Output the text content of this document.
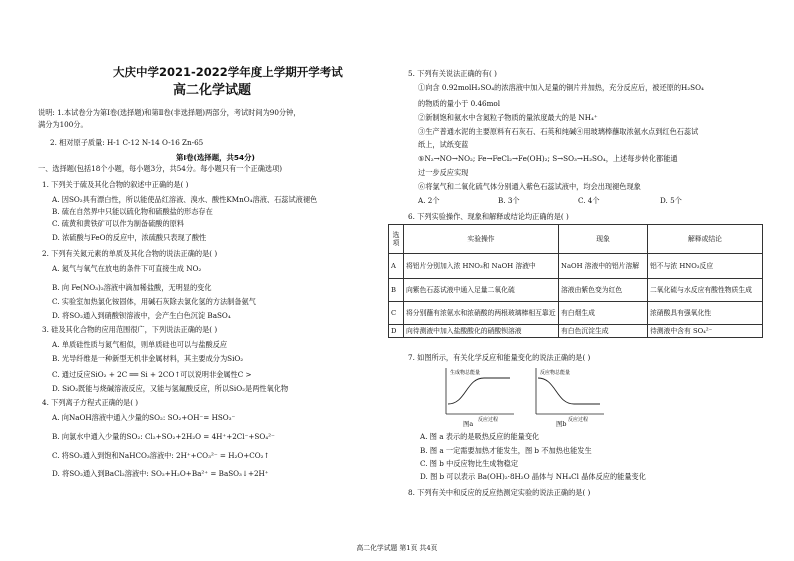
大庆中学2021-2022学年度上学期开学考试
高二化学试题
说明: 1.本试卷分为第Ⅰ卷(选择题)和第Ⅱ卷(非选择题)两部分，考试时间为90分钟，
满分为100分。
2. 相对原子质量: H-1 C-12 N-14 O-16 Zn-65
第Ⅰ卷(选择题，共54分)
一、选择题(包括18个小题，每小题3分，共54分。每小题只有一个正确选项)
1. 下列关于硫及其化合物的叙述中正确的是( )
A. 因SO₂具有漂白性，所以能使品红溶液、溴水、酸性KMnO₄溶液、石蕊试液褪色
B. 硫在自然界中只能以硫化物和硫酸盐的形态存在
C. 硫黄和黄铁矿可以作为制备硫酸的原料
D. 浓硫酸与FeO的反应中，浓硫酸只表现了酸性
2. 下列有关氮元素的单质及其化合物的说法正确的是( )
A. 氮气与氧气在放电的条件下可直接生成 NO₂
B. 向 Fe(NO₃)₂溶液中滴加稀盐酸，无明显的变化
C. 实验室加热氯化铵固体，用碱石灰除去氯化氢的方法制备氨气
D. 将SO₂通入到硝酸钡溶液中，会产生白色沉淀 BaSO₄
3. 硅及其化合物的应用范围很广，下列说法正确的是( )
A. 单质硅性质与氮气相似，则单质硅也可以与盐酸反应
B. 光导纤维是一种新型无机非金属材料，其主要成分为SiO₂
C. 通过反应SiO₂ + 2C ══ Si + 2CO↑可以说明非金属性C >
D. SiO₂既能与烧碱溶液反应，又能与氢氟酸反应，所以SiO₂是两性氧化物
4. 下列离子方程式正确的是( )
A. 向NaOH溶液中通入少量的SO₂: SO₂+OH⁻= HSO₃⁻
B. 向氯水中通入少量的SO₂: Cl₂+SO₂+2H₂O = 4H⁺+2Cl⁻+SO₄²⁻
C. 将SO₂通入到饱和NaHCO₃溶液中: 2H⁺+CO₃²⁻ = H₂O+CO₂↑
D. 将SO₂通入到BaCl₂溶液中: SO₂+H₂O+Ba²⁺ = BaSO₃↓+2H⁺
5. 下列有关说法正确的有( )
①向含 0.92molH₂SO₄的浓溶液中加入足量的铜片并加热，充分反应后，被还原的H₂SO₄
的物质的量小于 0.46mol
②新制饱和氨水中含氮粒子物质的量浓度最大的是 NH₄⁺
③生产普通水泥的主要原料有石灰石、石英和纯碱④用玻璃棒蘸取浓氨水点到红色石蕊试
纸上，试纸变蓝
⑤N₂→NO→NO₂; Fe→FeCl₂→Fe(OH)₂; S→SO₃→H₂SO₄，上述每步转化都能通
过一步反应实现
⑥将氯气和二氧化硫气体分别通入紫色石蕊试液中，均会出现褪色现象
A. 2个	B. 3个	C. 4个	D. 5个
6. 下列实验操作、现象和解释或结论均正确的是( )
选项	实验操作	现象	解释或结论
A	将铝片分别加入浓 HNO₃和 NaOH 溶液中	NaOH 溶液中的铝片溶解	铝不与浓 HNO₃反应
B	向紫色石蕊试液中通入足量二氧化硫	溶液由紫色变为红色	二氧化硫与水反应有酸性物质生成
C	将分别蘸有浓氨水和浓硝酸的两根玻璃棒相互靠近	有白烟生成	浓硝酸具有强氧化性
D	向待测液中加入盐酸酸化的硝酸钡溶液	有白色沉淀生成	待测液中含有 SO₄²⁻
7. 如图所示，有关化学反应和能量变化的说法正确的是( )
生成物总能量
反应过程
图a
反应物总能量
反应过程
图b
A. 图 a 表示的是吸热反应的能量变化
B. 图 a 一定需要加热才能发生，图 b 不加热也能发生
C. 图 b 中反应物比生成物稳定
D. 图 b 可以表示 Ba(OH)₂·8H₂O 晶体与 NH₄Cl 晶体反应的能量变化
8. 下列有关中和反应的反应热测定实验的说法正确的是( )
高二化学试题 第1页 共4页
